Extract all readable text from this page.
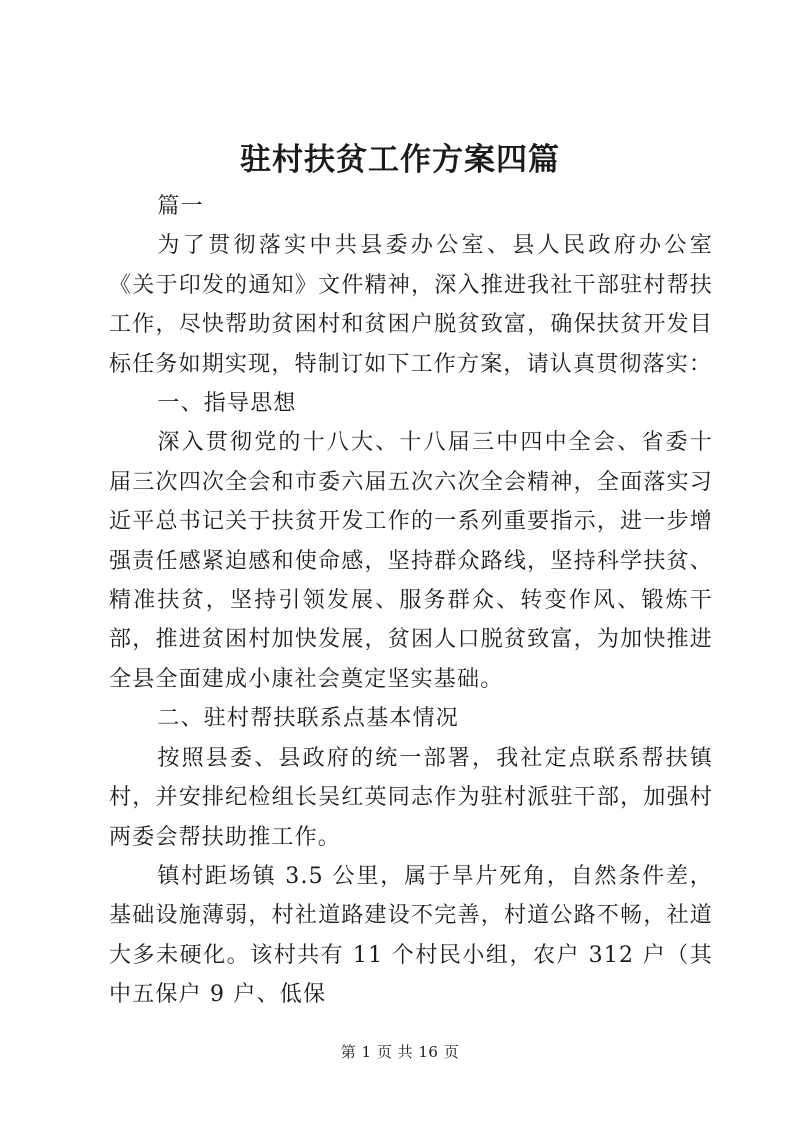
驻村扶贫工作方案四篇

篇一

为了贯彻落实中共县委办公室、县人民政府办公室《关于印发的通知》文件精神，深入推进我社干部驻村帮扶工作，尽快帮助贫困村和贫困户脱贫致富，确保扶贫开发目标任务如期实现，特制订如下工作方案，请认真贯彻落实：

一、指导思想

深入贯彻党的十八大、十八届三中四中全会、省委十届三次四次全会和市委六届五次六次全会精神，全面落实习近平总书记关于扶贫开发工作的一系列重要指示，进一步增强责任感紧迫感和使命感，坚持群众路线，坚持科学扶贫、精准扶贫，坚持引领发展、服务群众、转变作风、锻炼干部，推进贫困村加快发展，贫困人口脱贫致富，为加快推进全县全面建成小康社会奠定坚实基础。

二、驻村帮扶联系点基本情况

按照县委、县政府的统一部署，我社定点联系帮扶镇村，并安排纪检组长吴红英同志作为驻村派驻干部，加强村两委会帮扶助推工作。

镇村距场镇 3.5 公里，属于旱片死角，自然条件差，基础设施薄弱，村社道路建设不完善，村道公路不畅，社道大多未硬化。该村共有 11 个村民小组，农户 312 户（其中五保户 9 户、低保

第 1 页 共 16 页
